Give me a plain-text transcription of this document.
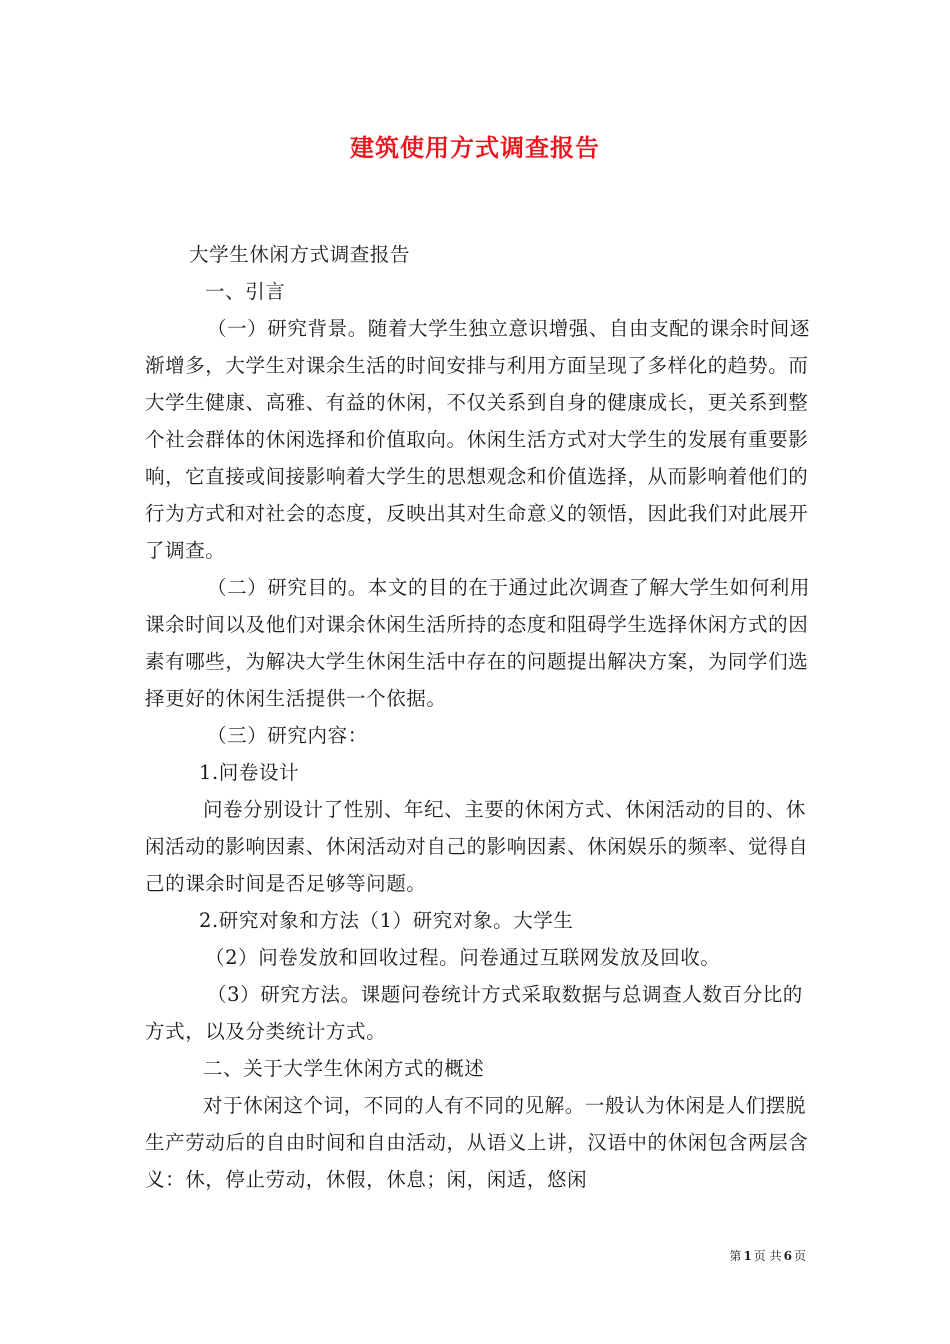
建筑使用方式调查报告

大学生休闲方式调查报告

一、引言

（一）研究背景。随着大学生独立意识增强、自由支配的课余时间逐渐增多，大学生对课余生活的时间安排与利用方面呈现了多样化的趋势。而大学生健康、高雅、有益的休闲，不仅关系到自身的健康成长，更关系到整个社会群体的休闲选择和价值取向。休闲生活方式对大学生的发展有重要影响，它直接或间接影响着大学生的思想观念和价值选择，从而影响着他们的行为方式和对社会的态度，反映出其对生命意义的领悟，因此我们对此展开了调查。

（二）研究目的。本文的目的在于通过此次调查了解大学生如何利用课余时间以及他们对课余休闲生活所持的态度和阻碍学生选择休闲方式的因素有哪些，为解决大学生休闲生活中存在的问题提出解决方案，为同学们选择更好的休闲生活提供一个依据。

（三）研究内容：

1.问卷设计

问卷分别设计了性别、年纪、主要的休闲方式、休闲活动的目的、休闲活动的影响因素、休闲活动对自己的影响因素、休闲娱乐的频率、觉得自己的课余时间是否足够等问题。

2.研究对象和方法（1）研究对象。大学生

（2）问卷发放和回收过程。问卷通过互联网发放及回收。

（3）研究方法。课题问卷统计方式采取数据与总调查人数百分比的方式，以及分类统计方式。

二、关于大学生休闲方式的概述

对于休闲这个词，不同的人有不同的见解。一般认为休闲是人们摆脱生产劳动后的自由时间和自由活动，从语义上讲，汉语中的休闲包含两层含义：休，停止劳动，休假，休息；闲，闲适，悠闲

第 1 页 共 6 页
